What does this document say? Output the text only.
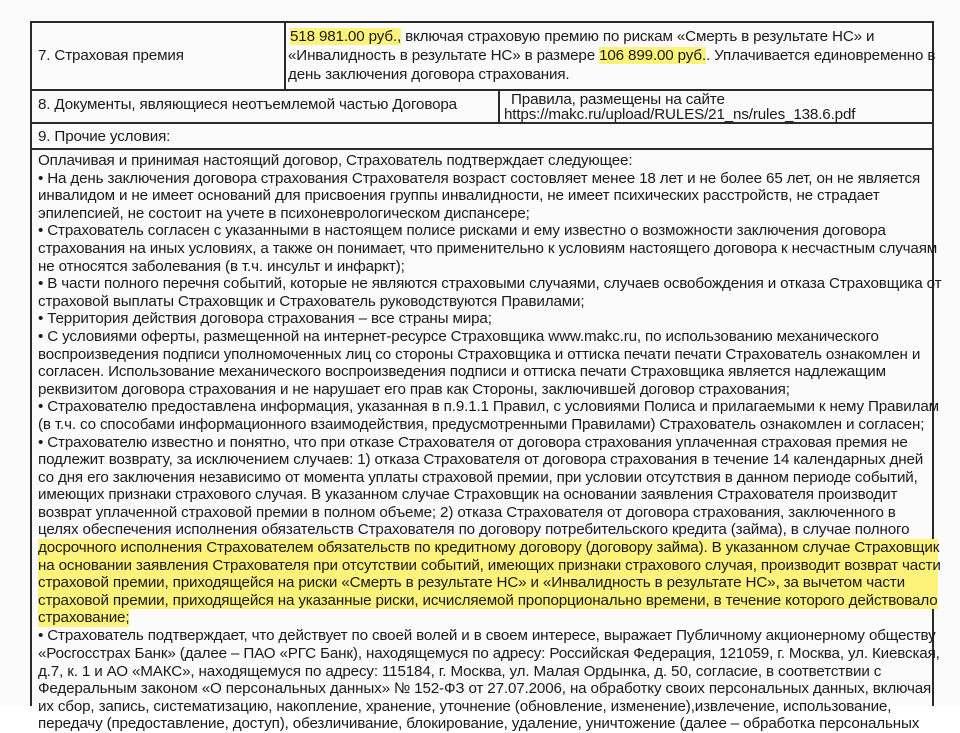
7. Страховая премия
518 981.00 руб., включая страховую премию по рискам «Смерть в результате НС» и
«Инвалидность в результате НС» в размере 106 899.00 руб.. Уплачивается единовременно в
день заключения договора страхования.
8. Документы, являющиеся неотъемлемой частью Договора	Правила, размещены на сайте
https://makc.ru/upload/RULES/21_ns/rules_138.6.pdf
9. Прочие условия:
Оплачивая и принимая настоящий договор, Страхователь подтверждает следующее:
• На день заключения договора страхования Страхователя возраст состовляет менее 18 лет и не более 65 лет, он не является
инвалидом и не имеет оснований для присвоения группы инвалидности, не имеет психических расстройств, не страдает
эпилепсией, не состоит на учете в психоневрологическом диспансере;
• Страхователь согласен с указанными в настоящем полисе рисками и ему известно о возможности заключения договора
страхования на иных условиях, а также он понимает, что применительно к условиям настоящего договора к несчастным случаям
не относятся заболевания (в т.ч. инсульт и инфаркт);
• В части полного перечня событий, которые не являются страховыми случаями, случаев освобождения и отказа Страховщика от
страховой выплаты Страховщик и Страхователь руководствуются Правилами;
• Территория действия договора страхования – все страны мира;
• С условиями оферты, размещенной на интернет-ресурсе Страховщика www.makc.ru, по использованию механического
воспроизведения подписи уполномоченных лиц со стороны Страховщика и оттиска печати печати Страхователь ознакомлен и
согласен. Использование механического воспроизведения подписи и оттиска печати Страховщика является надлежащим
реквизитом договора страхования и не нарушает его прав как Стороны, заключившей договор страхования;
• Страхователю предоставлена информация, указанная в п.9.1.1 Правил, с условиями Полиса и прилагаемыми к нему Правилам
(в т.ч. со способами информационного взаимодействия, предусмотренными Правилами) Страхователь ознакомлен и согласен;
• Страхователю известно и понятно, что при отказе Страхователя от договора страхования уплаченная страховая премия не
подлежит возврату, за исключением случаев: 1) отказа Страхователя от договора страхования в течение 14 календарных дней
со дня его заключения независимо от момента уплаты страховой премии, при условии отсутствия в данном периоде событий,
имеющих признаки страхового случая. В указанном случае Страховщик на основании заявления Страхователя производит
возврат уплаченной страховой премии в полном объеме; 2) отказа Страхователя от договора страхования, заключенного в
целях обеспечения исполнения обязательств Страхователя по договору потребительского кредита (займа), в случае полного
досрочного исполнения Страхователем обязательств по кредитному договору (договору займа). В указанном случае Страховщик
на основании заявления Страхователя при отсутствии событий, имеющих признаки страхового случая, производит возврат части
страховой премии, приходящейся на риски «Смерть в результате НС» и «Инвалидность в результате НС», за вычетом части
страховой премии, приходящейся на указанные риски, исчисляемой пропорционально времени, в течение которого действовало
страхование;
• Страхователь подтверждает, что действует по своей волей и в своем интересе, выражает Публичному акционерному обществу
«Росгосстрах Банк» (далее – ПАО «РГС Банк), находящемуся по адресу: Российская Федерация, 121059, г. Москва, ул. Киевская,
д.7, к. 1 и АО «МАКС», находящемуся по адресу: 115184, г. Москва, ул. Малая Ордынка, д. 50, согласие, в соответствии с
Федеральным законом «О персональных данных» № 152-ФЗ от 27.07.2006, на обработку своих персональных данных, включая
их сбор, запись, систематизацию, накопление, хранение, уточнение (обновление, изменение),извлечение, использование,
передачу (предоставление, доступ), обезличивание, блокирование, удаление, уничтожение (далее – обработка персональных
